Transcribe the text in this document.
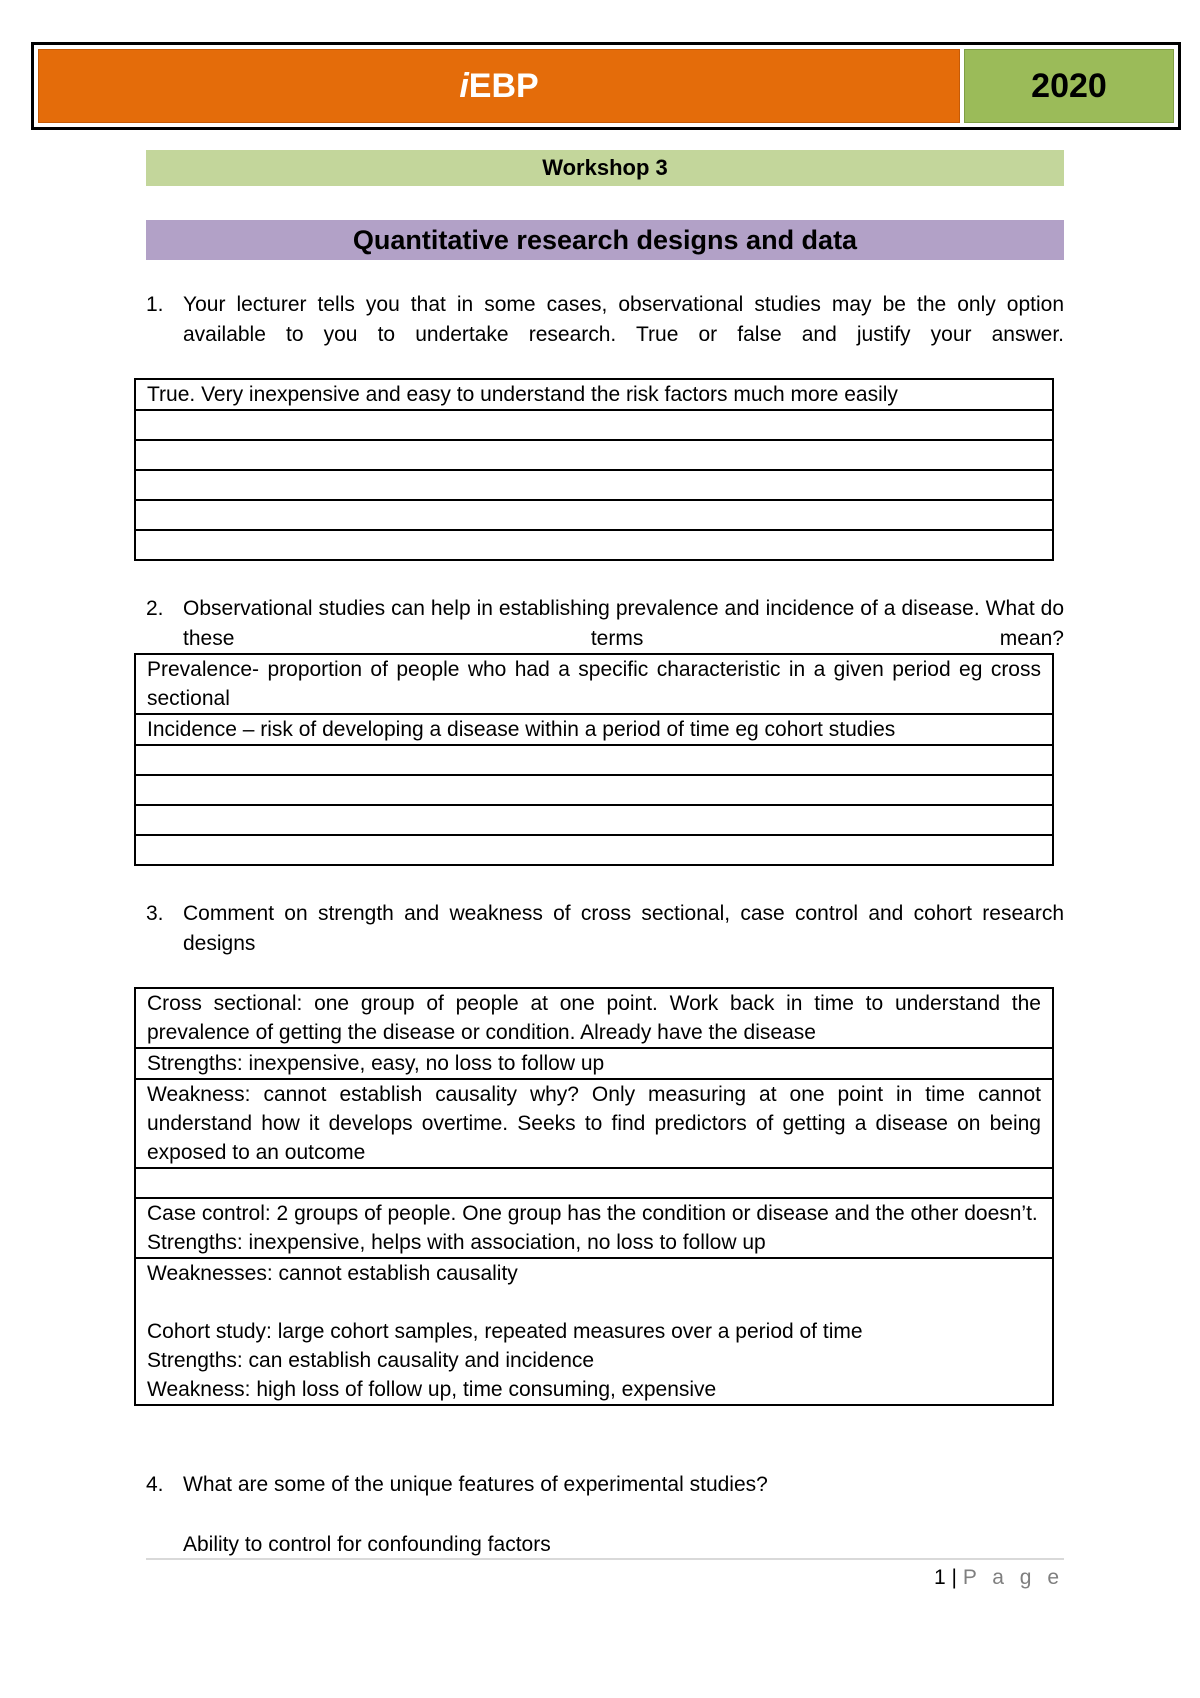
i EBP	2020
Workshop 3
Quantitative research designs and data
1. Your lecturer tells you that in some cases, observational studies may be the only option available to you to undertake research. True or false and justify your answer.
True. Very inexpensive and easy to understand the risk factors much more easily

2. Observational studies can help in establishing prevalence and incidence of a disease. What do these terms mean?
Prevalence- proportion of people who had a specific characteristic in a given period eg cross sectional
Incidence – risk of developing a disease within a period of time eg cohort studies

3. Comment on strength and weakness of cross sectional, case control and cohort research designs
Cross sectional: one group of people at one point. Work back in time to understand the prevalence of getting the disease or condition. Already have the disease
Strengths: inexpensive, easy, no loss to follow up
Weakness: cannot establish causality why? Only measuring at one point in time cannot understand how it develops overtime. Seeks to find predictors of getting a disease on being exposed to an outcome

Case control: 2 groups of people. One group has the condition or disease and the other doesn’t.
Strengths: inexpensive, helps with association, no loss to follow up

Weaknesses: cannot establish causality
Cohort study: large cohort samples, repeated measures over a period of time
Strengths: can establish causality and incidence
Weakness: high loss of follow up, time consuming, expensive
4. What are some of the unique features of experimental studies?
Ability to control for confounding factors
1 | P a g e
